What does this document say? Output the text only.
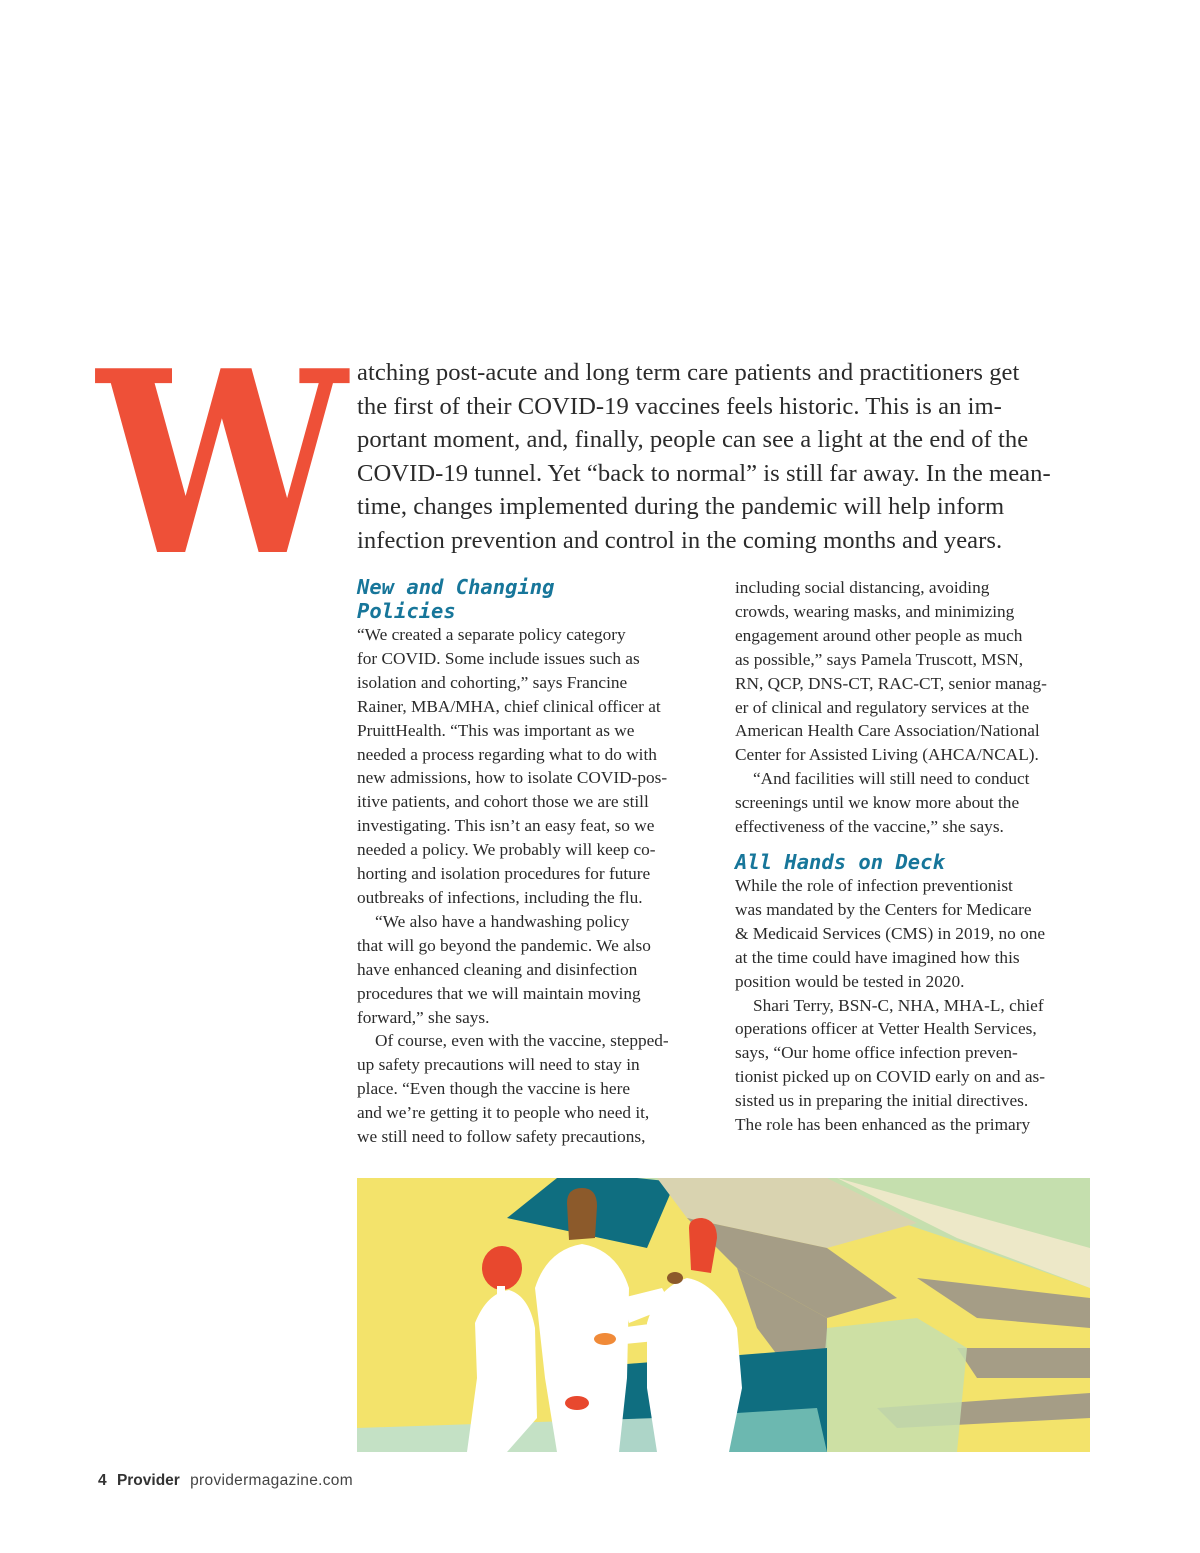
W atching post-acute and long term care patients and practitioners get
the first of their COVID-19 vaccines feels historic. This is an im-
portant moment, and, finally, people can see a light at the end of the
COVID-19 tunnel. Yet “back to normal” is still far away. In the mean-
time, changes implemented during the pandemic will help inform
infection prevention and control in the coming months and years.

New and Changing
Policies
“We created a separate policy category
for COVID. Some include issues such as
isolation and cohorting,” says Francine
Rainer, MBA/MHA, chief clinical officer at
PruittHealth. “This was important as we
needed a process regarding what to do with
new admissions, how to isolate COVID-pos-
itive patients, and cohort those we are still
investigating. This isn’t an easy feat, so we
needed a policy. We probably will keep co-
horting and isolation procedures for future
outbreaks of infections, including the flu.
“We also have a handwashing policy
that will go beyond the pandemic. We also
have enhanced cleaning and disinfection
procedures that we will maintain moving
forward,” she says.
Of course, even with the vaccine, stepped-
up safety precautions will need to stay in
place. “Even though the vaccine is here
and we’re getting it to people who need it,
we still need to follow safety precautions,
including social distancing, avoiding
crowds, wearing masks, and minimizing
engagement around other people as much
as possible,” says Pamela Truscott, MSN,
RN, QCP, DNS-CT, RAC-CT, senior manag-
er of clinical and regulatory services at the
American Health Care Association/National
Center for Assisted Living (AHCA/NCAL).
“And facilities will still need to conduct
screenings until we know more about the
effectiveness of the vaccine,” she says.
All Hands on Deck
While the role of infection preventionist
was mandated by the Centers for Medicare
& Medicaid Services (CMS) in 2019, no one
at the time could have imagined how this
position would be tested in 2020.
Shari Terry, BSN-C, NHA, MHA-L, chief
operations officer at Vetter Health Services,
says, “Our home office infection preven-
tionist picked up on COVID early on and as-
sisted us in preparing the initial directives.
The role has been enhanced as the primary

4 Provider providermagazine.com
